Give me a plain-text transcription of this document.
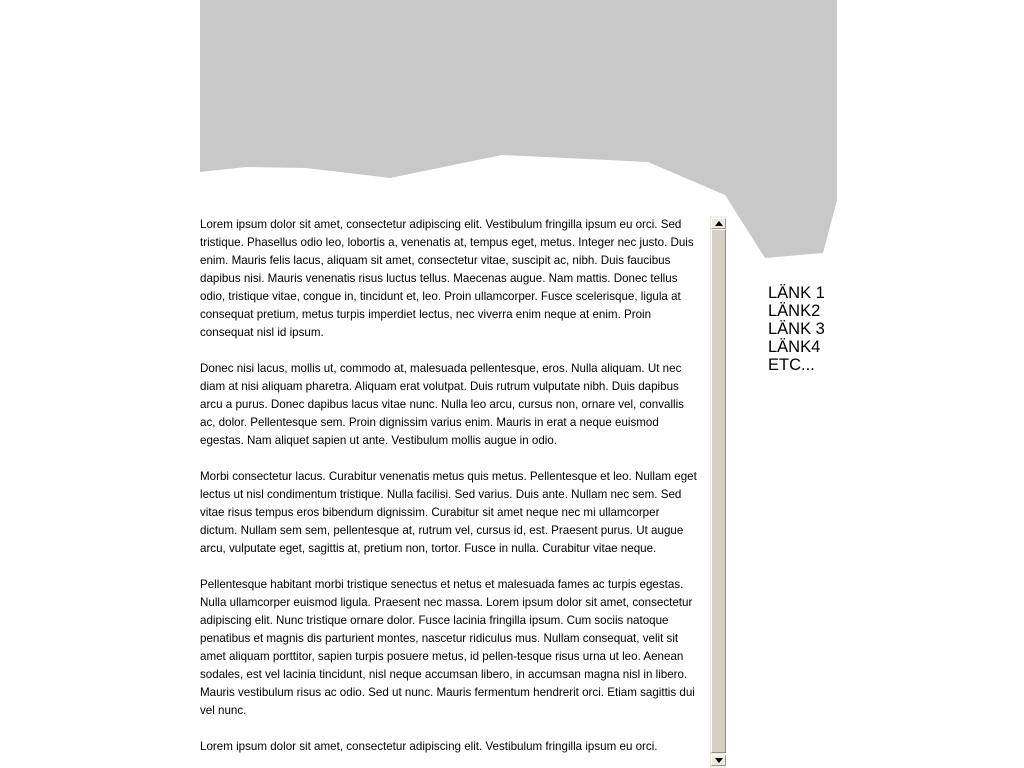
Lorem ipsum dolor sit amet, consectetur adipiscing elit. Vestibulum fringilla ipsum eu orci. Sed tristique. Phasellus odio leo, lobortis a, venenatis at, tempus eget, metus. Integer nec justo. Duis enim. Mauris felis lacus, aliquam sit amet, consectetur vitae, suscipit ac, nibh. Duis faucibus dapibus nisi. Mauris venenatis risus luctus tellus. Maecenas augue. Nam mattis. Donec tellus odio, tristique vitae, congue in, tincidunt et, leo. Proin ullamcorper. Fusce scelerisque, ligula at consequat pretium, metus turpis imperdiet lectus, nec viverra enim neque at enim. Proin consequat nisl id ipsum.

Donec nisi lacus, mollis ut, commodo at, malesuada pellentesque, eros. Nulla aliquam. Ut nec diam at nisi aliquam pharetra. Aliquam erat volutpat. Duis rutrum vulputate nibh. Duis dapibus arcu a purus. Donec dapibus lacus vitae nunc. Nulla leo arcu, cursus non, ornare vel, convallis ac, dolor. Pellentesque sem. Proin dignissim varius enim. Mauris in erat a neque euismod egestas. Nam aliquet sapien ut ante. Vestibulum mollis augue in odio.

Morbi consectetur lacus. Curabitur venenatis metus quis metus. Pellentesque et leo. Nullam eget lectus ut nisl condimentum tristique. Nulla facilisi. Sed varius. Duis ante. Nullam nec sem. Sed vitae risus tempus eros bibendum dignissim. Curabitur sit amet neque nec mi ullamcorper dictum. Nullam sem sem, pellentesque at, rutrum vel, cursus id, est. Praesent purus. Ut augue arcu, vulputate eget, sagittis at, pretium non, tortor. Fusce in nulla. Curabitur vitae neque.

Pellentesque habitant morbi tristique senectus et netus et malesuada fames ac turpis egestas. Nulla ullamcorper euismod ligula. Praesent nec massa. Lorem ipsum dolor sit amet, consectetur adipiscing elit. Nunc tristique ornare dolor. Fusce lacinia fringilla ipsum. Cum sociis natoque penatibus et magnis dis parturient montes, nascetur ridiculus mus. Nullam consequat, velit sit amet aliquam porttitor, sapien turpis posuere metus, id pellen-tesque risus urna ut leo. Aenean sodales, est vel lacinia tincidunt, nisl neque accumsan libero, in accumsan magna nisl in libero. Mauris vestibulum risus ac odio. Sed ut nunc. Mauris fermentum hendrerit orci. Etiam sagittis dui vel nunc.

Lorem ipsum dolor sit amet, consectetur adipiscing elit. Vestibulum fringilla ipsum eu orci.

LÄNK 1
LÄNK2
LÄNK 3
LÄNK4
ETC...
